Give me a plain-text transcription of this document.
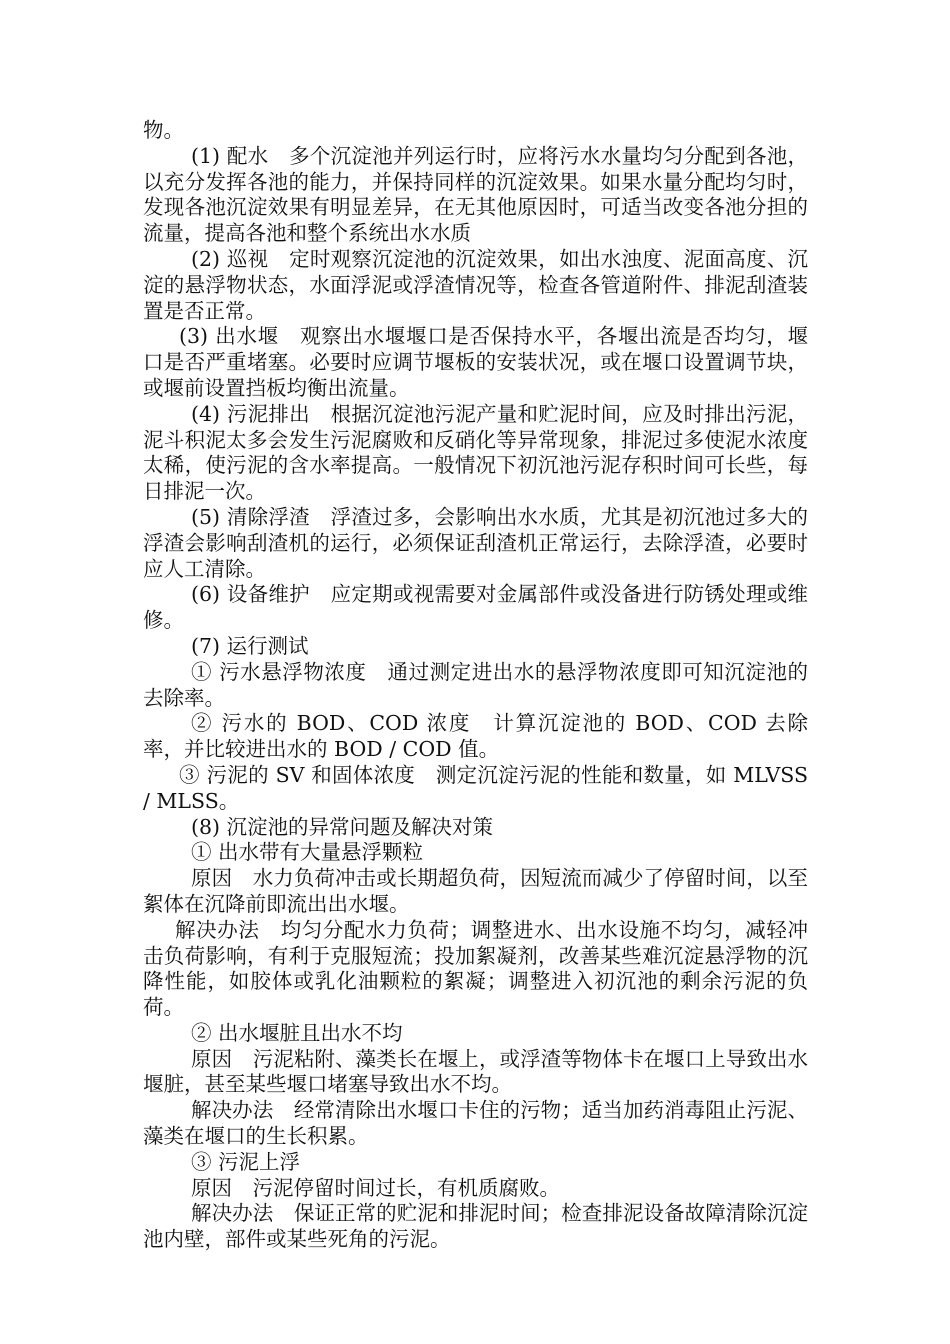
物。

(1) 配水　多个沉淀池并列运行时，应将污水水量均匀分配到各池，以充分发挥各池的能力，并保持同样的沉淀效果。如果水量分配均匀时，发现各池沉淀效果有明显差异，在无其他原因时，可适当改变各池分担的流量，提高各池和整个系统出水水质

(2) 巡视　定时观察沉淀池的沉淀效果，如出水浊度、泥面高度、沉淀的悬浮物状态，水面浮泥或浮渣情况等，检查各管道附件、排泥刮渣装置是否正常。

(3) 出水堰　观察出水堰堰口是否保持水平，各堰出流是否均匀，堰口是否严重堵塞。必要时应调节堰板的安装状况，或在堰口设置调节块，或堰前设置挡板均衡出流量。

(4) 污泥排出　根据沉淀池污泥产量和贮泥时间，应及时排出污泥，泥斗积泥太多会发生污泥腐败和反硝化等异常现象，排泥过多使泥水浓度太稀，使污泥的含水率提高。一般情况下初沉池污泥存积时间可长些，每日排泥一次。

(5) 清除浮渣　浮渣过多，会影响出水水质，尤其是初沉池过多大的浮渣会影响刮渣机的运行，必须保证刮渣机正常运行，去除浮渣，必要时应人工清除。

(6) 设备维护　应定期或视需要对金属部件或没备进行防锈处理或维修。

(7) 运行测试

① 污水悬浮物浓度　通过测定进出水的悬浮物浓度即可知沉淀池的去除率。

② 污水的 BOD、COD 浓度　计算沉淀池的 BOD、COD 去除率，并比较进出水的 BOD / COD 值。

③ 污泥的 SV 和固体浓度　测定沉淀污泥的性能和数量，如 MLVSS / MLSS。

(8) 沉淀池的异常问题及解决对策

① 出水带有大量悬浮颗粒

原因　水力负荷冲击或长期超负荷，因短流而减少了停留时间，以至絮体在沉降前即流出出水堰。

解决办法　均匀分配水力负荷；调整进水、出水设施不均匀，减轻冲击负荷影响，有利于克服短流；投加絮凝剂，改善某些难沉淀悬浮物的沉降性能，如胶体或乳化油颗粒的絮凝；调整进入初沉池的剩余污泥的负荷。

② 出水堰脏且出水不均

原因　污泥粘附、藻类长在堰上，或浮渣等物体卡在堰口上导致出水堰脏，甚至某些堰口堵塞导致出水不均。

解决办法　经常清除出水堰口卡住的污物；适当加药消毒阻止污泥、藻类在堰口的生长积累。

③ 污泥上浮

原因　污泥停留时间过长，有机质腐败。

解决办法　保证正常的贮泥和排泥时间；检查排泥设备故障清除沉淀池内壁，部件或某些死角的污泥。
